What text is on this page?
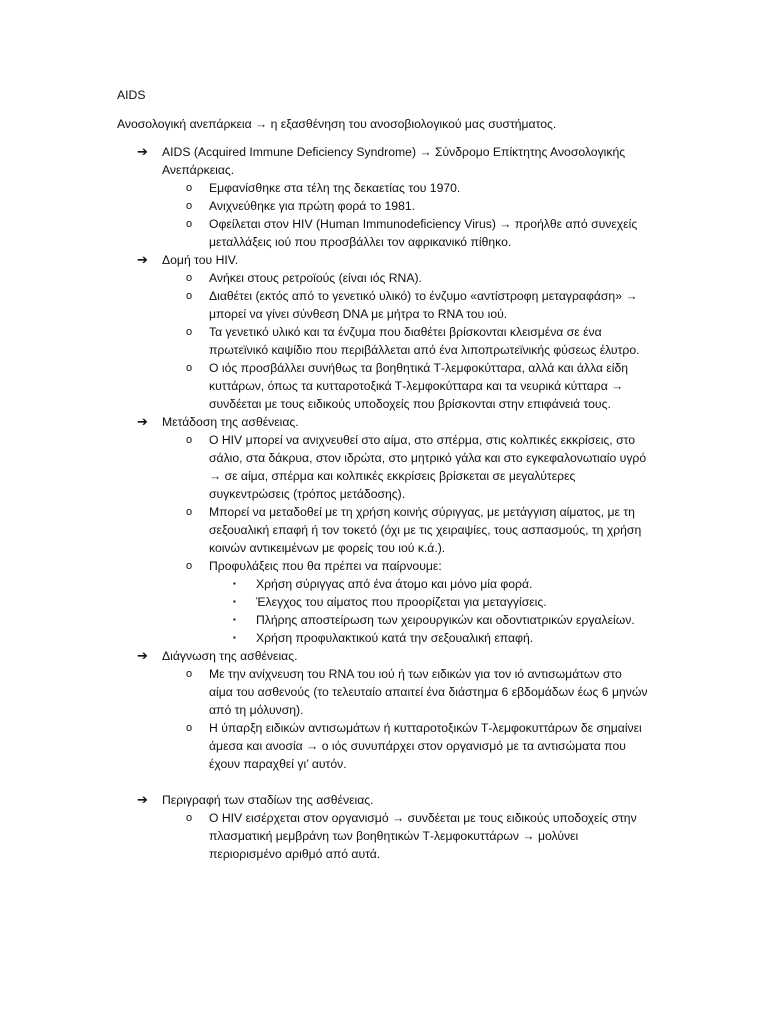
AIDS

Ανοσολογική ανεπάρκεια → η εξασθένηση του ανοσοβιολογικού μας συστήματος.

➔	AIDS (Acquired Immune Deficiency Syndrome) → Σύνδρομο Επίκτητης Ανοσολογικής Ανεπάρκειας.
o Εμφανίσθηκε στα τέλη της δεκαετίας του 1970.
o Ανιχνεύθηκε για πρώτη φορά το 1981.
o Οφείλεται στον HIV (Human Immunodeficiency Virus) → προήλθε από συνεχείς μεταλλάξεις ιού που προσβάλλει τον αφρικανικό πίθηκο.
➔	Δομή του HIV.
o Ανήκει στους ρετροϊούς (είναι ιός RNA).
o Διαθέτει (εκτός από το γενετικό υλικό) το ένζυμο «αντίστροφη μεταγραφάση» → μπορεί να γίνει σύνθεση DNA με μήτρα το RNA του ιού.
o Τα γενετικό υλικό και τα ένζυμα που διαθέτει βρίσκονται κλεισμένα σε ένα πρωτεϊνικό καψίδιο που περιβάλλεται από ένα λιποπρωτεϊνικής φύσεως έλυτρο.
o Ο ιός προσβάλλει συνήθως τα βοηθητικά Τ-λεμφοκύτταρα, αλλά και άλλα είδη κυττάρων, όπως τα κυτταροτοξικά Τ-λεμφοκύτταρα και τα νευρικά κύτταρα → συνδέεται με τους ειδικούς υποδοχείς που βρίσκονται στην επιφάνειά τους.
➔	Μετάδοση της ασθένειας.
o Ο HIV μπορεί να ανιχνευθεί στο αίμα, στο σπέρμα, στις κολπικές εκκρίσεις, στο σάλιο, στα δάκρυα, στον ιδρώτα, στο μητρικό γάλα και στο εγκεφαλονωτιαίο υγρό → σε αίμα, σπέρμα και κολπικές εκκρίσεις βρίσκεται σε μεγαλύτερες συγκεντρώσεις (τρόπος μετάδοσης).
o Μπορεί να μεταδοθεί με τη χρήση κοινής σύριγγας, με μετάγγιση αίματος, με τη σεξουαλική επαφή ή τον τοκετό (όχι με τις χειραψίες, τους ασπασμούς, τη χρήση κοινών αντικειμένων με φορείς του ιού κ.ά.).
o Προφυλάξεις που θα πρέπει να παίρνουμε:
▪ Χρήση σύριγγας από ένα άτομο και μόνο μία φορά.
▪ Έλεγχος του αίματος που προορίζεται για μεταγγίσεις.
▪ Πλήρης αποστείρωση των χειρουργικών και οδοντιατρικών εργαλείων.
▪ Χρήση προφυλακτικού κατά την σεξουαλική επαφή.
➔	Διάγνωση της ασθένειας.
o Με την ανίχνευση του RNA του ιού ή των ειδικών για τον ιό αντισωμάτων στο αίμα του ασθενούς (το τελευταίο απαιτεί ένα διάστημα 6 εβδομάδων έως 6 μηνών από τη μόλυνση).
o Η ύπαρξη ειδικών αντισωμάτων ή κυτταροτοξικών Τ-λεμφοκυττάρων δε σημαίνει άμεσα και ανοσία → ο ιός συνυπάρχει στον οργανισμό με τα αντισώματα που έχουν παραχθεί γι’ αυτόν.
➔	Περιγραφή των σταδίων της ασθένειας.
o Ο HIV εισέρχεται στον οργανισμό → συνδέεται με τους ειδικούς υποδοχείς στην πλασματική μεμβράνη των βοηθητικών Τ-λεμφοκυττάρων → μολύνει περιορισμένο αριθμό από αυτά.
